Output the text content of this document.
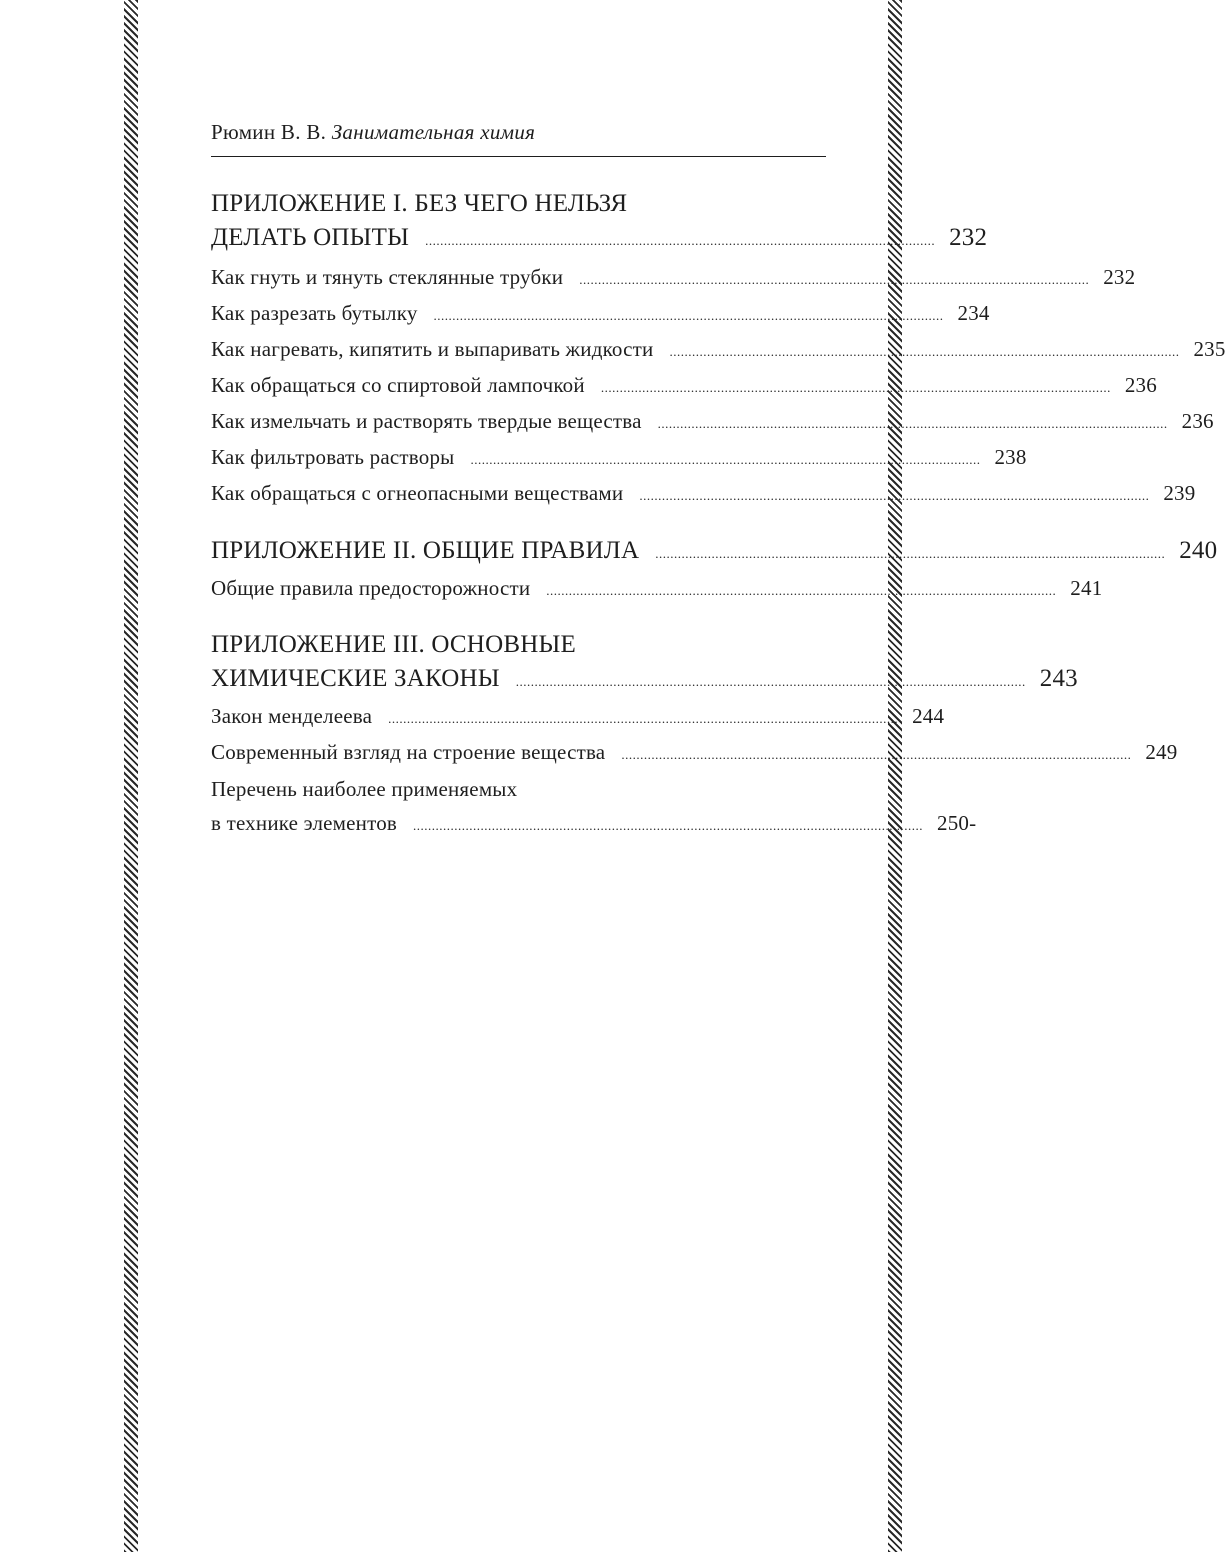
Рюмин В. В. Занимательная химия
ПРИЛОЖЕНИЕ I. БЕЗ ЧЕГО НЕЛЬЗЯ
ДЕЛАТЬ ОПЫТЫ ........................................................................................................................................ 232
Как гнуть и тянуть стеклянные трубки ........................................................................................................................................ 232
Как разрезать бутылку ........................................................................................................................................ 234
Как нагревать, кипятить и выпаривать жидкости ........................................................................................................................................ 235
Как обращаться со спиртовой лампочкой ........................................................................................................................................ 236
Как измельчать и растворять твердые вещества ........................................................................................................................................ 236
Как фильтровать растворы ........................................................................................................................................ 238
Как обращаться с огнеопасными веществами ........................................................................................................................................ 239
ПРИЛОЖЕНИЕ II. ОБЩИЕ ПРАВИЛА ........................................................................................................................................ 240
Общие правила предосторожности ........................................................................................................................................ 241
ПРИЛОЖЕНИЕ III. ОСНОВНЫЕ
ХИМИЧЕСКИЕ ЗАКОНЫ ........................................................................................................................................ 243
Закон менделеева ........................................................................................................................................ 244
Современный взгляд на строение вещества ........................................................................................................................................ 249
Перечень наиболее применяемых
в технике элементов ........................................................................................................................................ 250-
